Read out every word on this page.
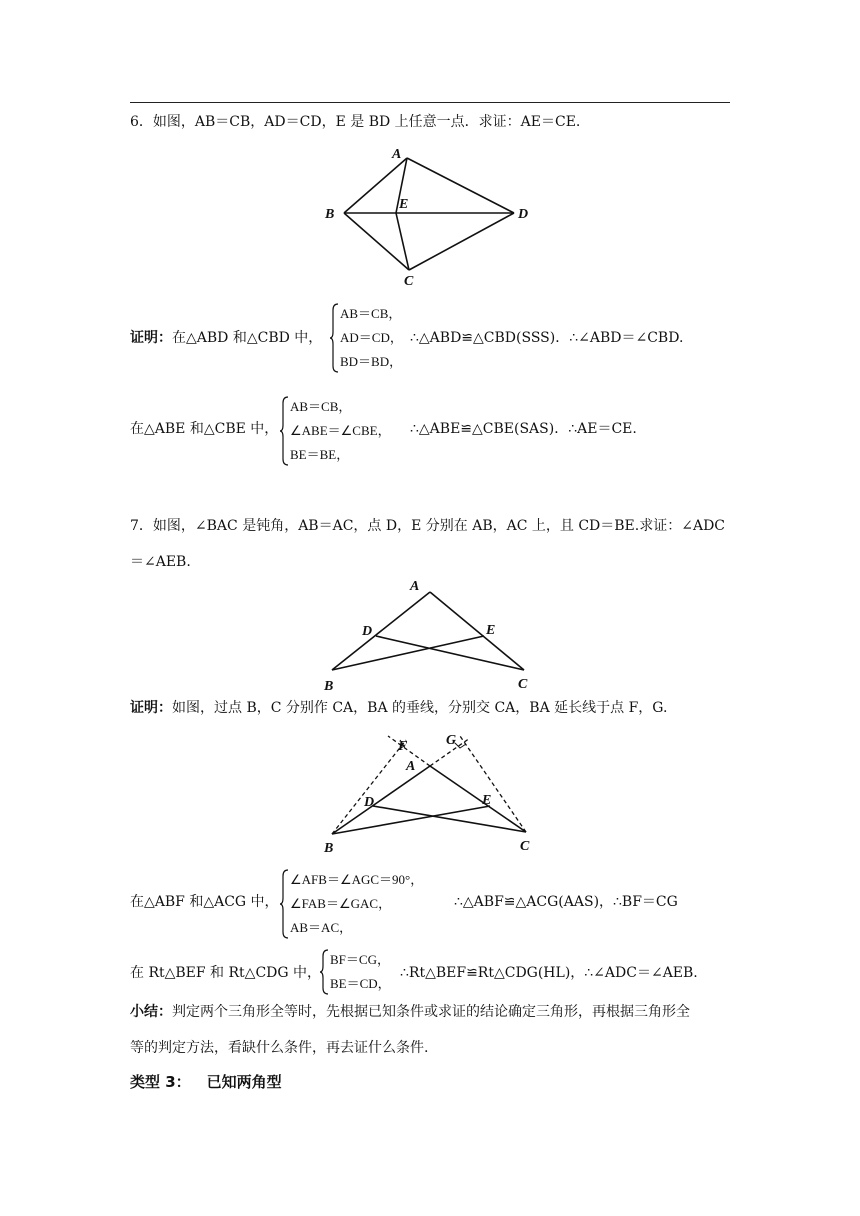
6．如图，AB＝CB，AD＝CD，E 是 BD 上任意一点．求证：AE＝CE.
A
B
E
D
C
证明：在△ABD 和△CBD 中，
AB＝CB，
AD＝CD，
BD＝BD，
∴△ABD≌△CBD(SSS)．∴∠ABD＝∠CBD.
在△ABE 和△CBE 中，
AB＝CB，
∠ABE＝∠CBE，
BE＝BE，
∴△ABE≌△CBE(SAS)．∴AE＝CE.
7．如图，∠BAC 是钝角，AB＝AC，点 D，E 分别在 AB，AC 上，且 CD＝BE.求证：∠ADC
＝∠AEB.
A
D	E
B	C
证明：如图，过点 B，C 分别作 CA，BA 的垂线，分别交 CA，BA 延长线于点 F，G.
F	G
A
D	E
B	C
在△ABF 和△ACG 中，
∠AFB＝∠AGC＝90°，
∠FAB＝∠GAC，
AB＝AC，
∴△ABF≌△ACG(AAS)，∴BF＝CG
在 Rt△BEF 和 Rt△CDG 中，
BF＝CG，
BE＝CD，
∴Rt△BEF≌Rt△CDG(HL)，∴∠ADC＝∠AEB.
小结：判定两个三角形全等时，先根据已知条件或求证的结论确定三角形，再根据三角形全
等的判定方法，看缺什么条件，再去证什么条件.
类型 3： 已知两角型
